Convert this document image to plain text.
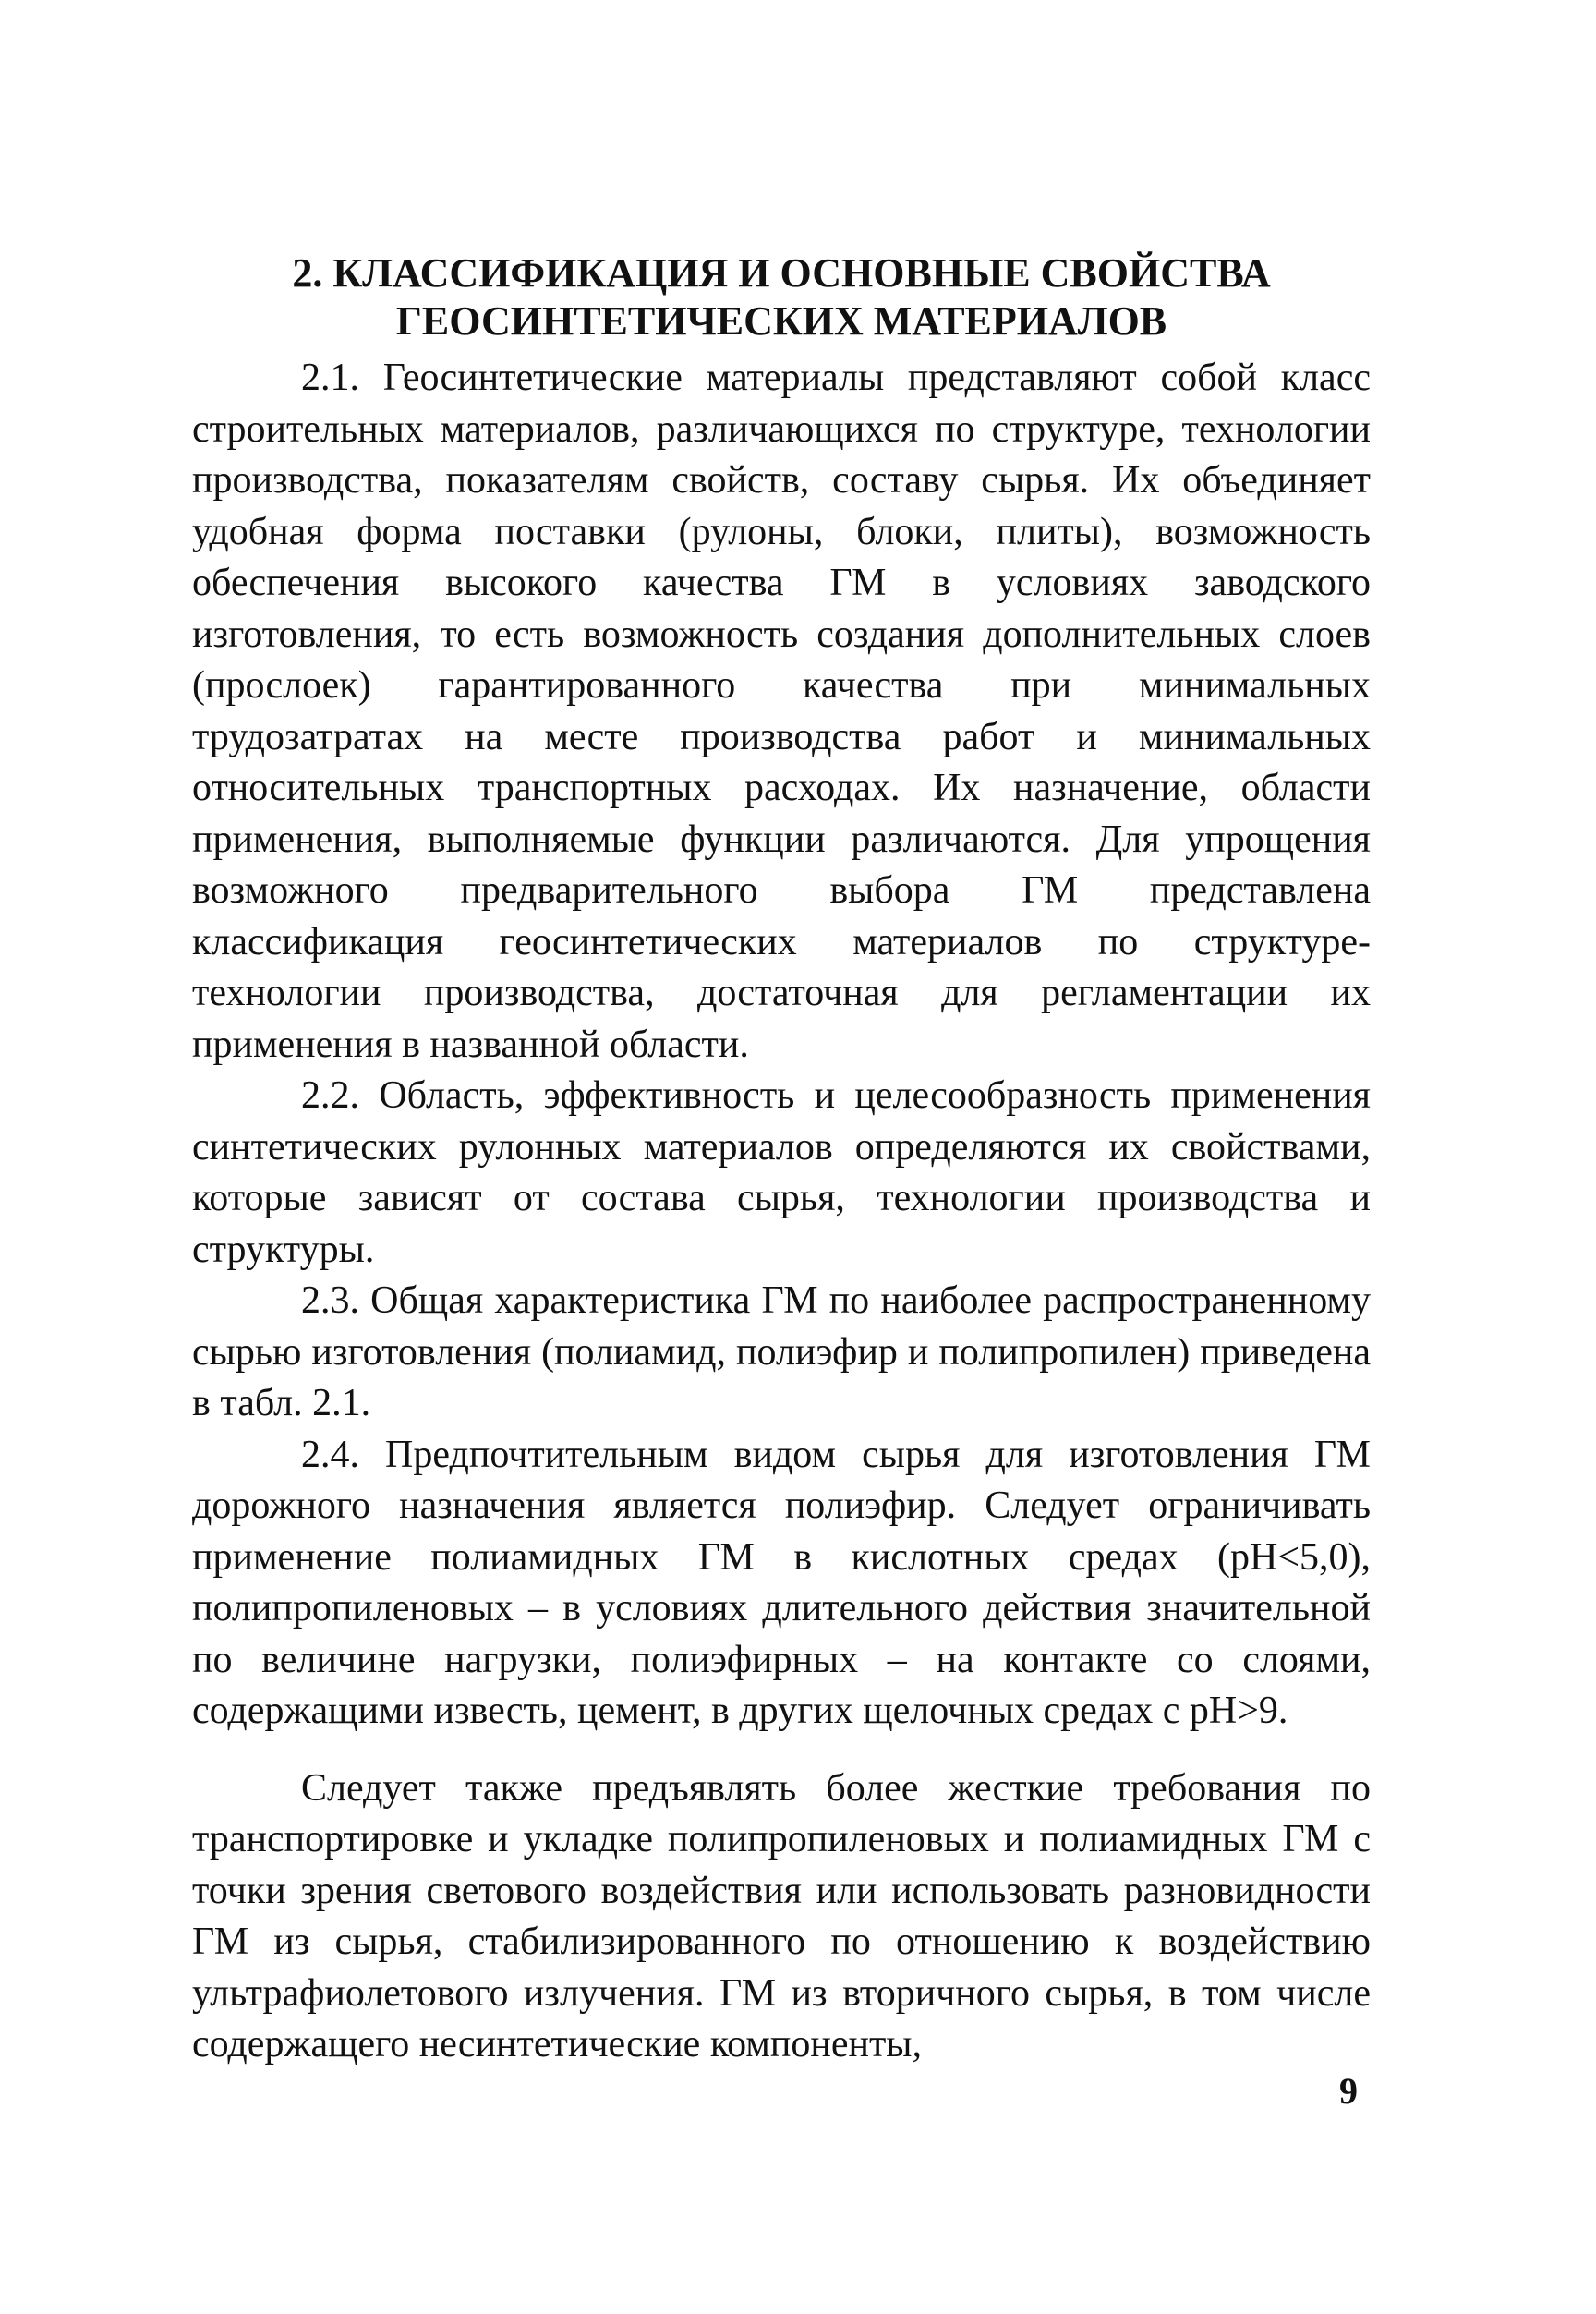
2. КЛАССИФИКАЦИЯ И ОСНОВНЫЕ СВОЙСТВА
ГЕОСИНТЕТИЧЕСКИХ МАТЕРИАЛОВ

2.1. Геосинтетические материалы представляют собой класс строительных материалов, различающихся по структуре, технологии производства, показателям свойств, составу сырья. Их объединяет удобная форма поставки (рулоны, блоки, плиты), возможность обеспечения высокого качества ГМ в условиях заводского изготовления, то есть возможность создания дополнительных слоев (прослоек) гарантированного качества при минимальных трудозатратах на месте производства работ и минимальных относительных транспортных расходах. Их назначение, области применения, выполняемые функции различаются. Для упрощения возможного предварительного выбора ГМ представлена классификация геосинтетических материалов по структуре-технологии производства, достаточная для регламентации их применения в названной области.

2.2. Область, эффективность и целесообразность применения синтетических рулонных материалов определяются их свойствами, которые зависят от состава сырья, технологии производства и структуры.

2.3. Общая характеристика ГМ по наиболее распространенному сырью изготовления (полиамид, полиэфир и полипропилен) приведена в табл. 2.1.

2.4. Предпочтительным видом сырья для изготовления ГМ дорожного назначения является полиэфир. Следует ограничивать применение полиамидных ГМ в кислотных средах (рН<5,0), полипропиленовых – в условиях длительного действия значительной по величине нагрузки, полиэфирных – на контакте со слоями, содержащими известь, цемент, в других щелочных средах с рН>9.

Следует также предъявлять более жесткие требования по транспортировке и укладке полипропиленовых и полиамидных ГМ с точки зрения светового воздействия или использовать разновидности ГМ из сырья, стабилизированного по отношению к воздействию ультрафиолетового излучения. ГМ из вторичного сырья, в том числе содержащего несинтетические компоненты,

9
